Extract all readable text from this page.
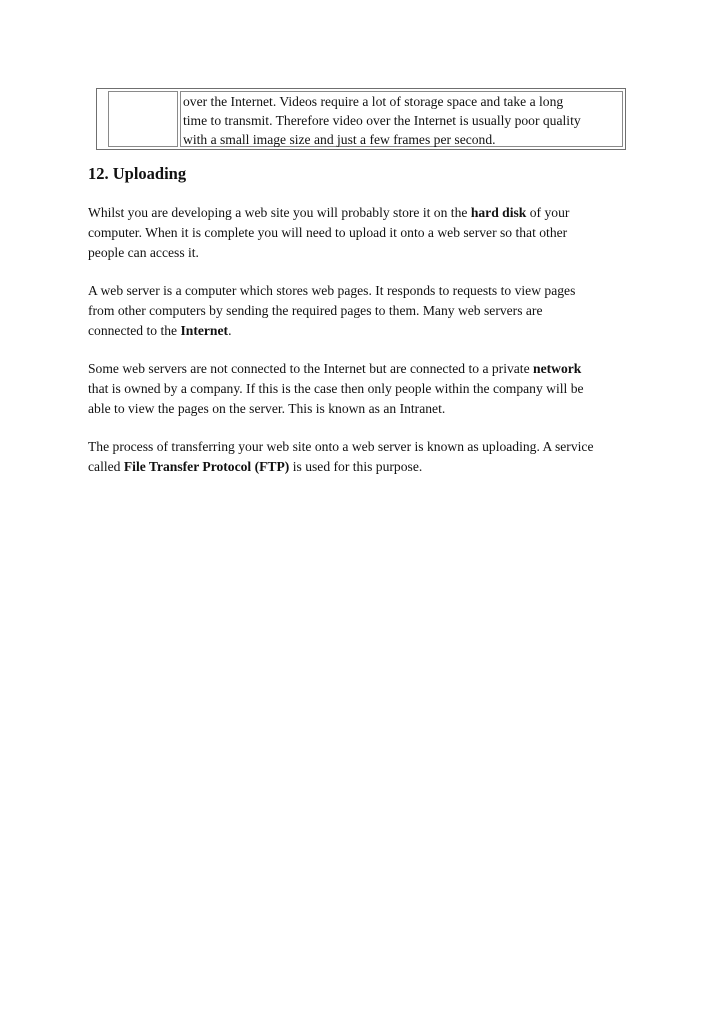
over the Internet. Videos require a lot of storage space and take a long
time to transmit. Therefore video over the Internet is usually poor quality
with a small image size and just a few frames per second.
12. Uploading

Whilst you are developing a web site you will probably store it on the hard disk of your
computer. When it is complete you will need to upload it onto a web server so that other
people can access it.

A web server is a computer which stores web pages. It responds to requests to view pages
from other computers by sending the required pages to them. Many web servers are
connected to the Internet.

Some web servers are not connected to the Internet but are connected to a private network
that is owned by a company. If this is the case then only people within the company will be
able to view the pages on the server. This is known as an Intranet.

The process of transferring your web site onto a web server is known as uploading. A service
called File Transfer Protocol (FTP) is used for this purpose.
